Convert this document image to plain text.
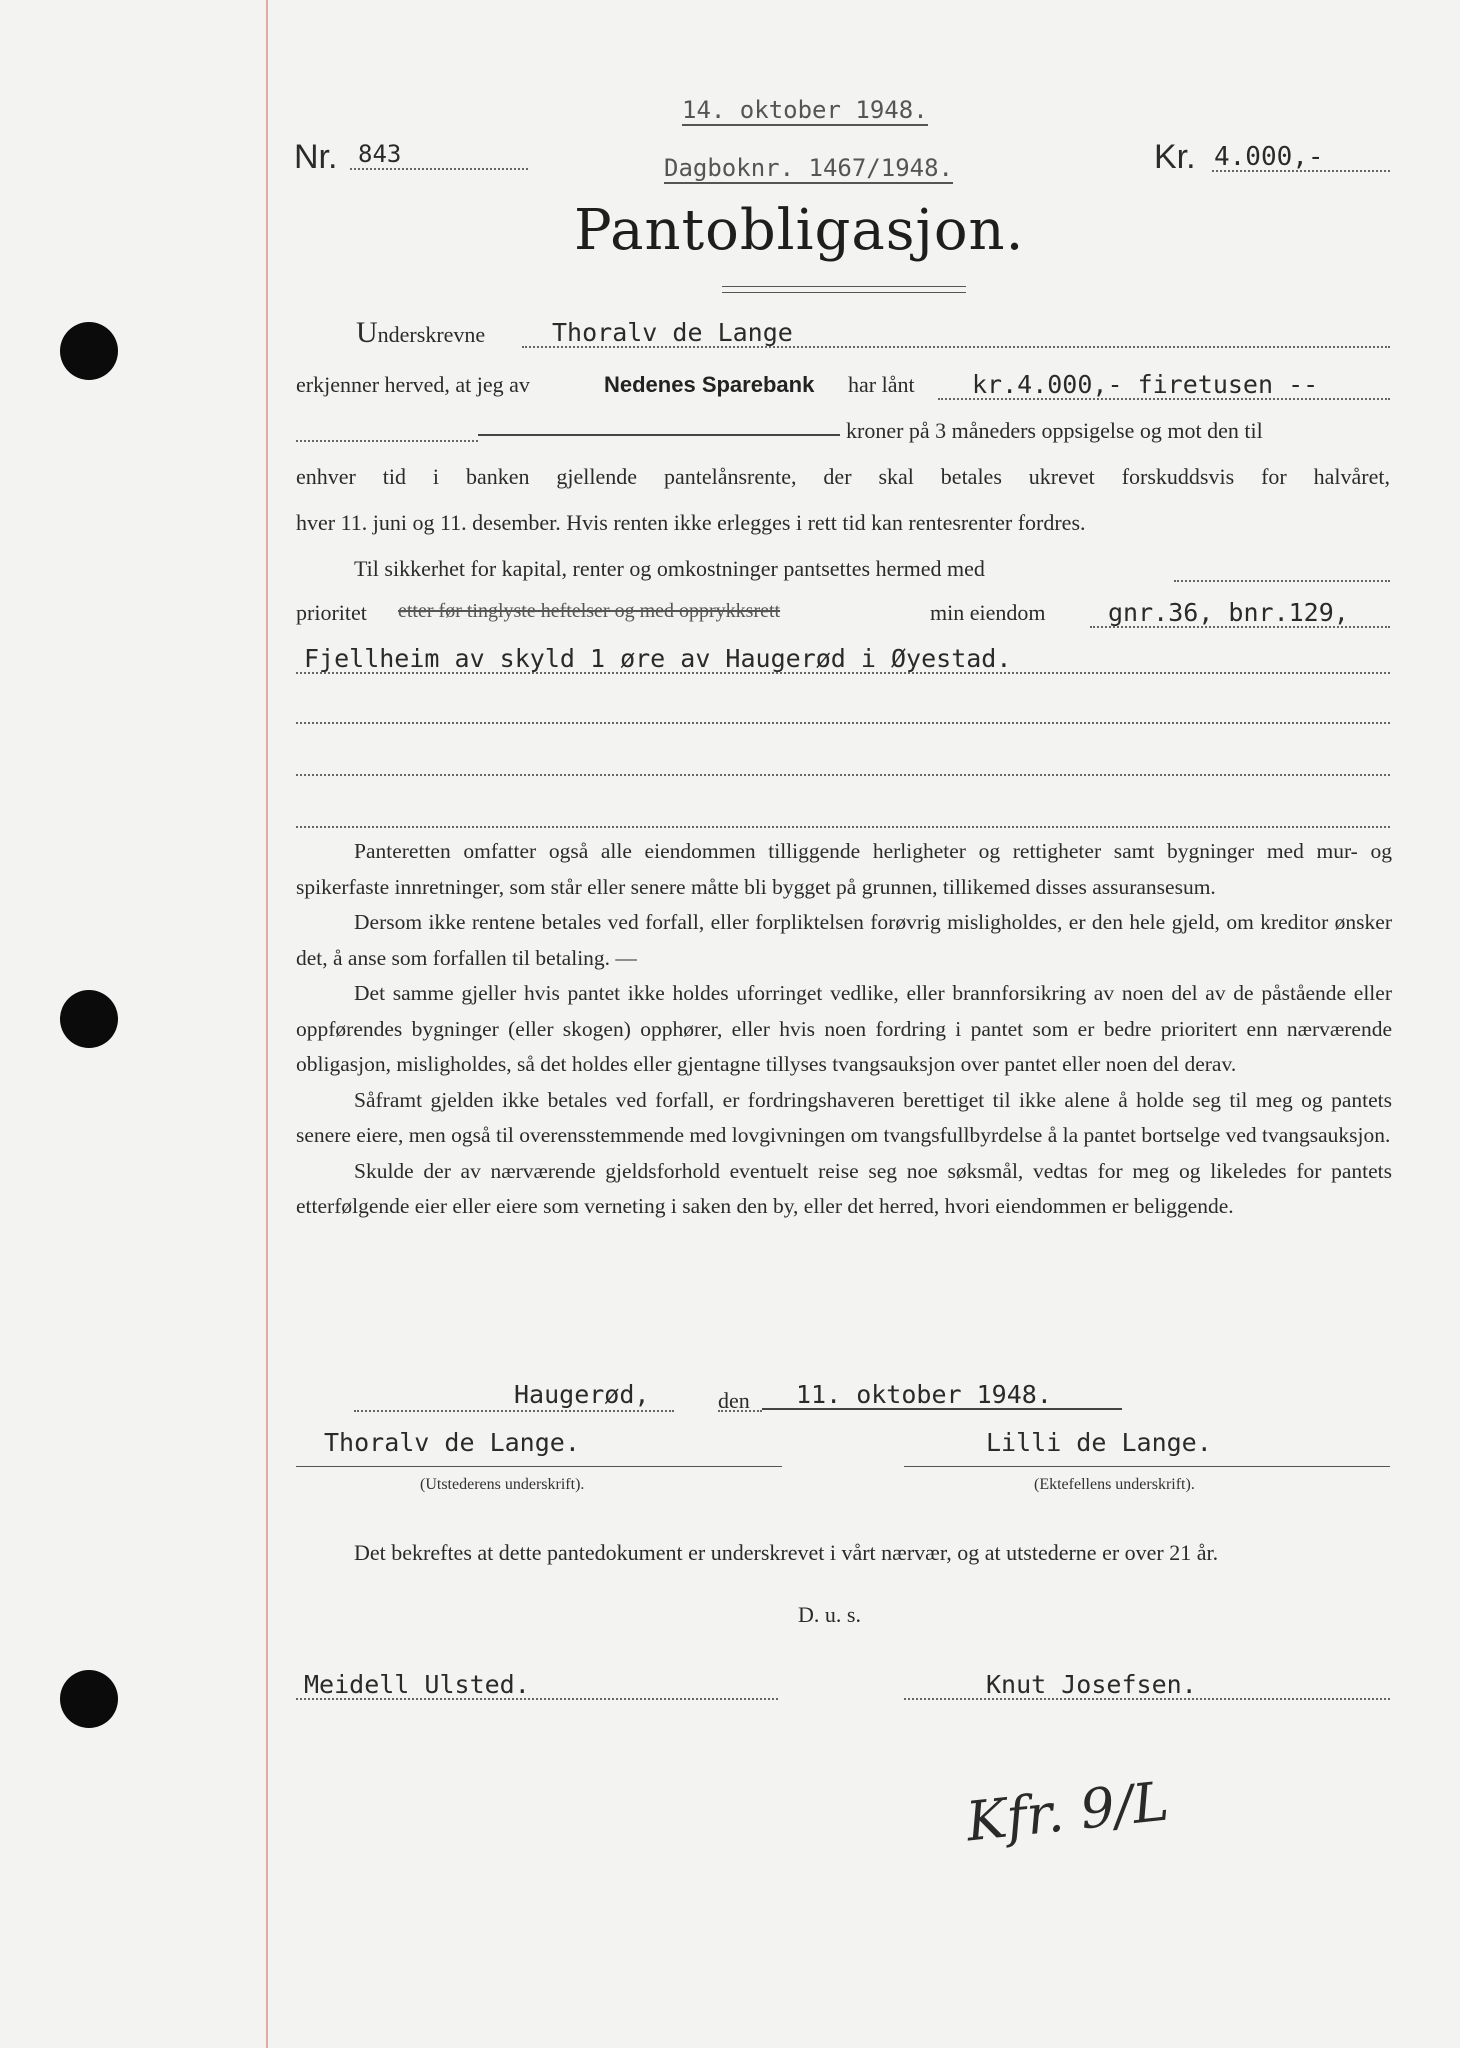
14. oktober 1948.
Nr. 843	Dagboknr. 1467/1948.	Kr. 4.000,-
Pantobligasjon.
Underskrevne	Thoralv de Lange
erkjenner herved, at jeg av	Nedenes Sparebank har lånt kr.4.000,- firetusen --
kroner på 3 måneders oppsigelse og mot den til
enhver tid i banken gjellende pantelånsrente, der skal betales ukrevet forskuddsvis for halvåret,
hver 11. juni og 11. desember. Hvis renten ikke erlegges i rett tid kan rentesrenter fordres.
Til sikkerhet for kapital, renter og omkostninger pantsettes hermed med
prioritet etter før tinglyste heftelser og med opprykksrett	min eiendom	gnr.36, bnr.129,
Fjellheim av skyld 1 øre av Haugerød i Øyestad.

Panteretten omfatter også alle eiendommen tilliggende herligheter og rettigheter samt bygninger med mur- og spikerfaste innretninger, som står eller senere måtte bli bygget på grunnen, tillikemed disses assuransesum.

Dersom ikke rentene betales ved forfall, eller forpliktelsen forøvrig misligholdes, er den hele gjeld, om kreditor ønsker det, å anse som forfallen til betaling. —

Det samme gjeller hvis pantet ikke holdes uforringet vedlike, eller brannforsikring av noen del av de påstående eller oppførendes bygninger (eller skogen) opphører, eller hvis noen fordring i pantet som er bedre prioritert enn nærværende obligasjon, misligholdes, så det holdes eller gjentagne tillyses tvangsauksjon over pantet eller noen del derav.

Såframt gjelden ikke betales ved forfall, er fordringshaveren berettiget til ikke alene å holde seg til meg og pantets senere eiere, men også til overensstemmende med lovgivningen om tvangsfullbyrdelse å la pantet bortselge ved tvangsauksjon.

Skulde der av nærværende gjeldsforhold eventuelt reise seg noe søksmål, vedtas for meg og likeledes for pantets etterfølgende eier eller eiere som verneting i saken den by, eller det herred, hvori eiendommen er beliggende.

Haugerød,	den 11. oktober 1948.
Thoralv de Lange.
(Utstederens underskrift).
Lilli de Lange.
(Ektefellens underskrift).
Det bekreftes at dette pantedokument er underskrevet i vårt nærvær, og at utstederne er over 21 år.
D. u. s.
Meidell Ulsted.	Knut Josefsen.
Kfr. 9/L
